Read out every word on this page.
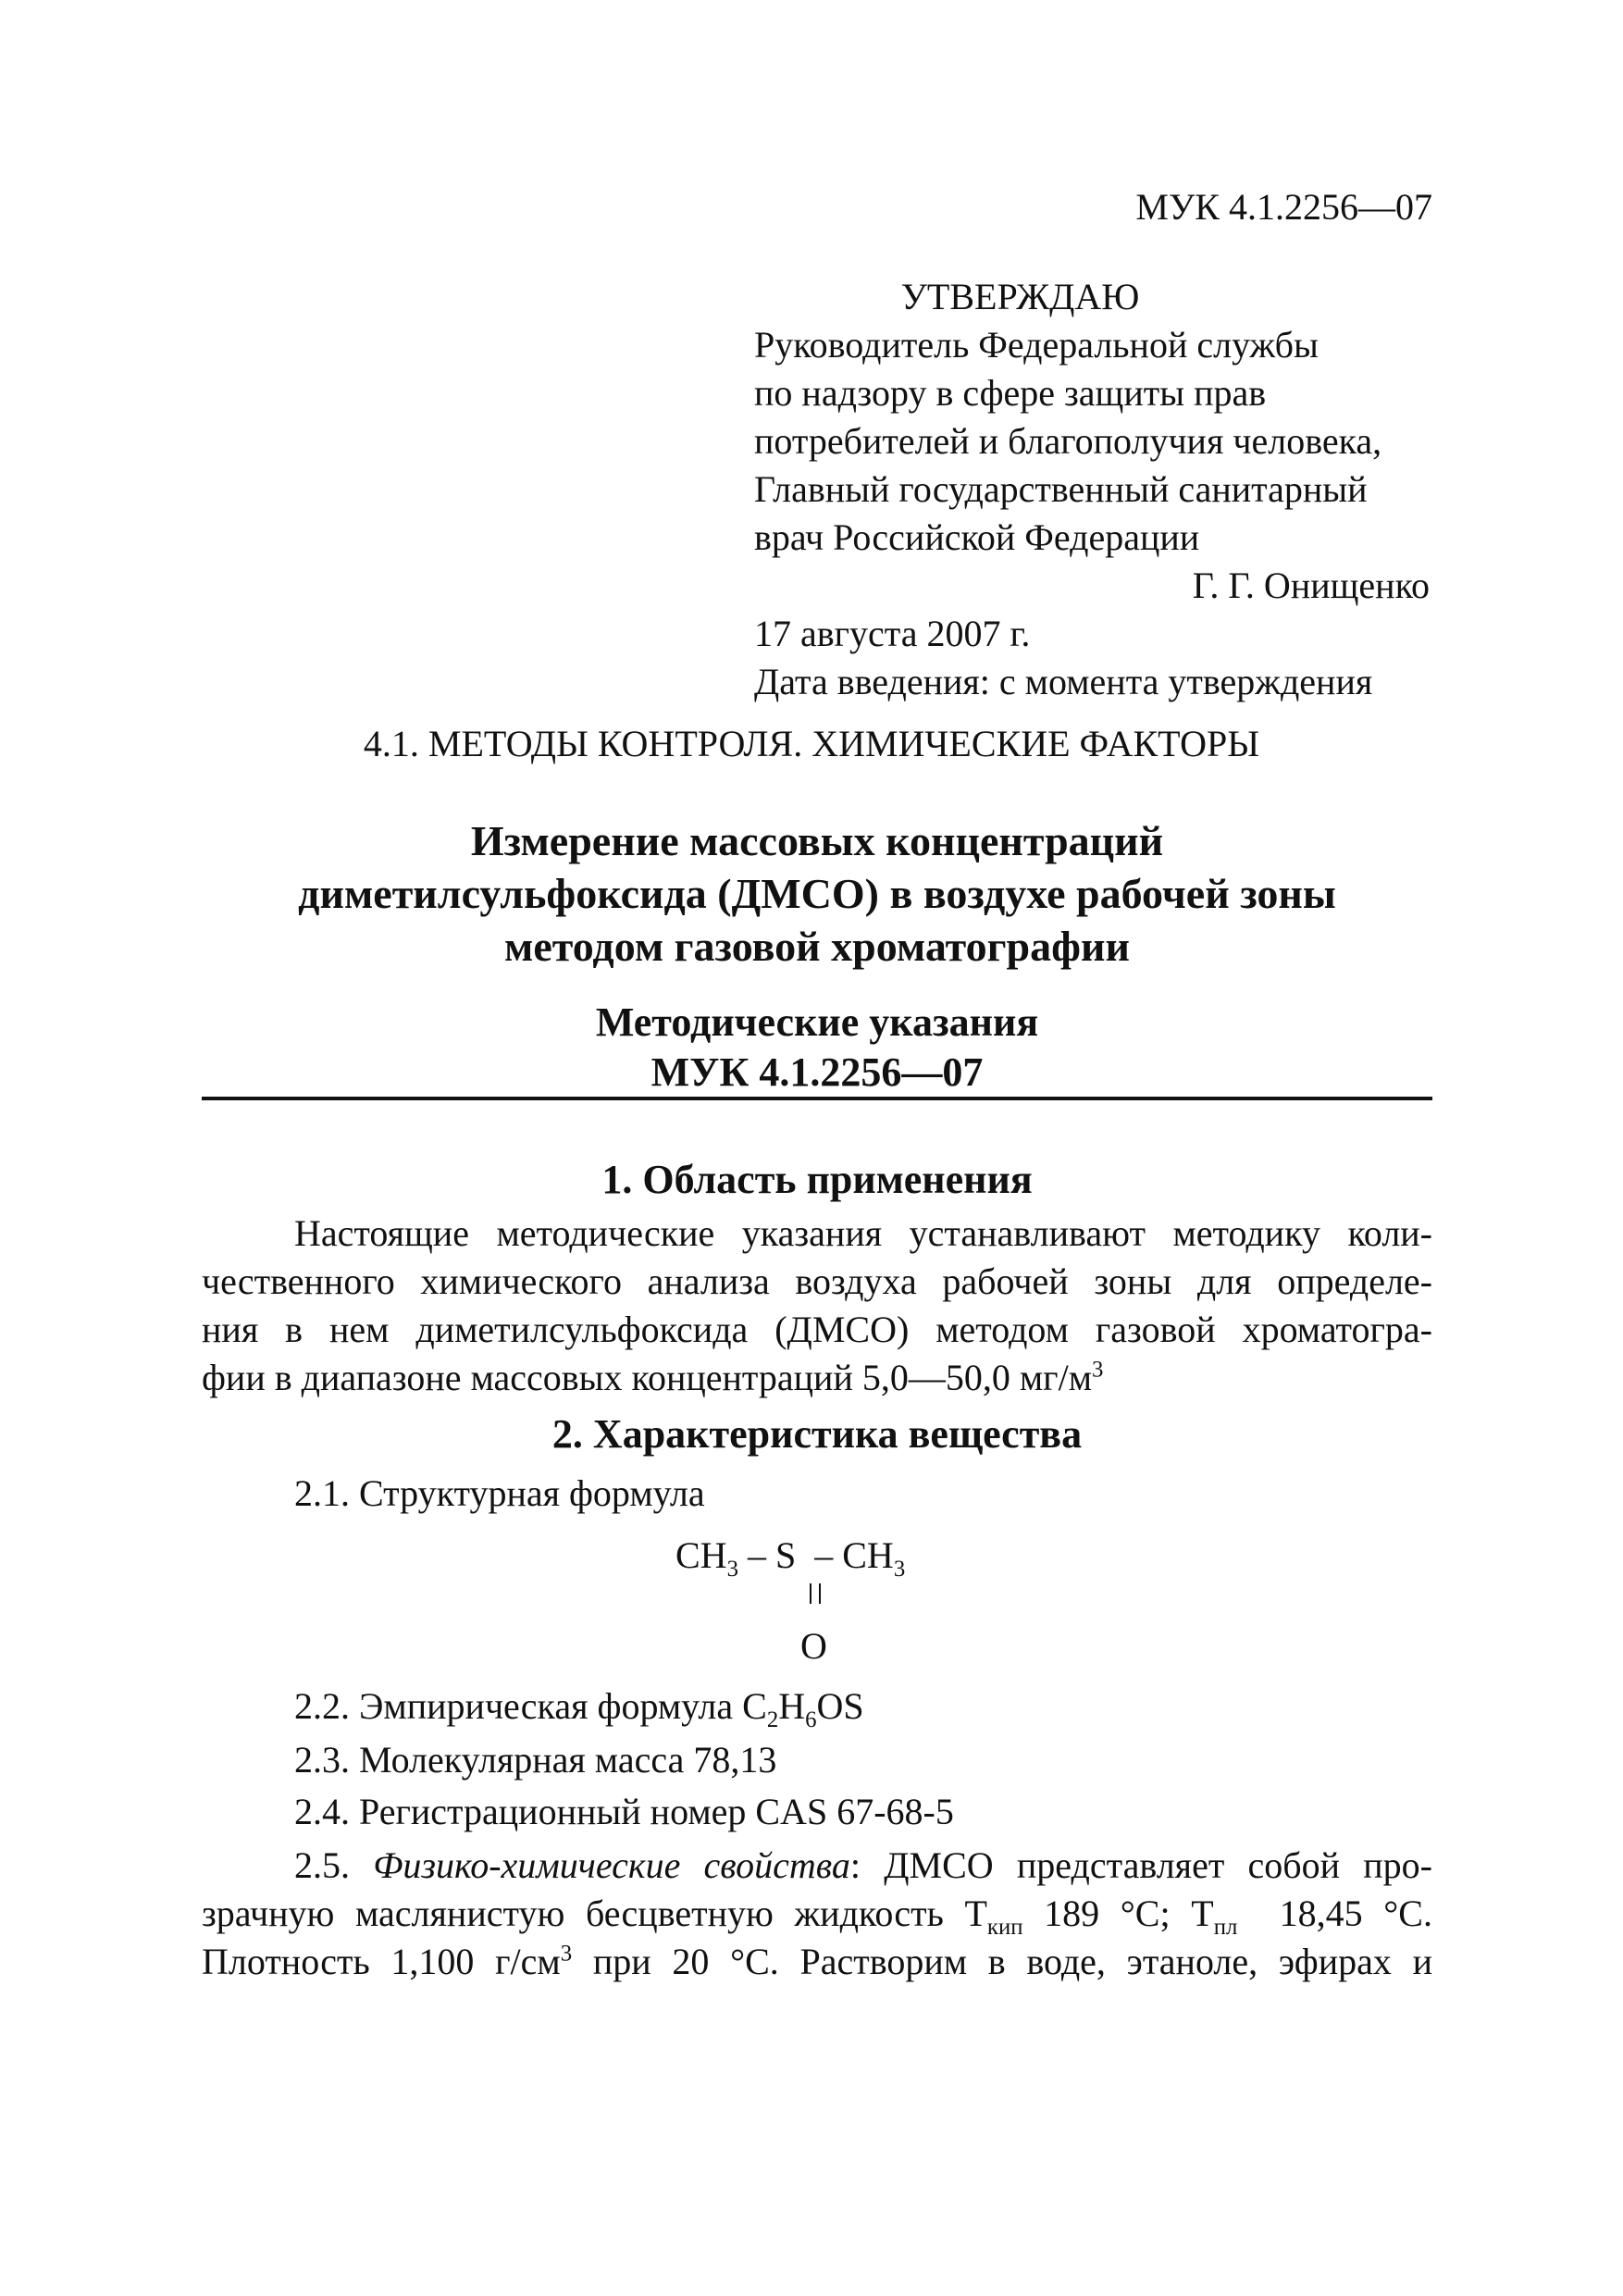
МУК 4.1.2256—07
УТВЕРЖДАЮ
Руководитель Федеральной службы
по надзору в сфере защиты прав
потребителей и благополучия человека,
Главный государственный санитарный
врач Российской Федерации
Г. Г. Онищенко
17 августа 2007 г.
Дата введения: с момента утверждения
4.1. МЕТОДЫ КОНТРОЛЯ. ХИМИЧЕСКИЕ ФАКТОРЫ
Измерение массовых концентраций
диметилсульфоксида (ДМСО) в воздухе рабочей зоны
методом газовой хроматографии
Методические указания
МУК 4.1.2256—07
1. Область применения
Настоящие методические указания устанавливают методику коли-
чественного химического анализа воздуха рабочей зоны для определе-
ния в нем диметилсульфоксида (ДМСО) методом газовой хроматогра-
фии в диапазоне массовых концентраций 5,0—50,0 $мг/м^3$
2. Характеристика вещества
2.1. Структурная формула
$CH_3$ – S  – $CH_3$
O
2.2. Эмпирическая формула $C_2H_6OS$
2.3. Молекулярная масса 78,13
2.4. Регистрационный номер CAS 67-68-5
2.5. Физико-химические свойства: ДМСО представляет собой про-
зрачную маслянистую бесцветную жидкость $Т_{кип}$ 189 °С; $Т_{пл}$  18,45 °С.
Плотность 1,100 $г/см^3$ при 20 °С. Растворим в воде, этаноле, эфирах и
